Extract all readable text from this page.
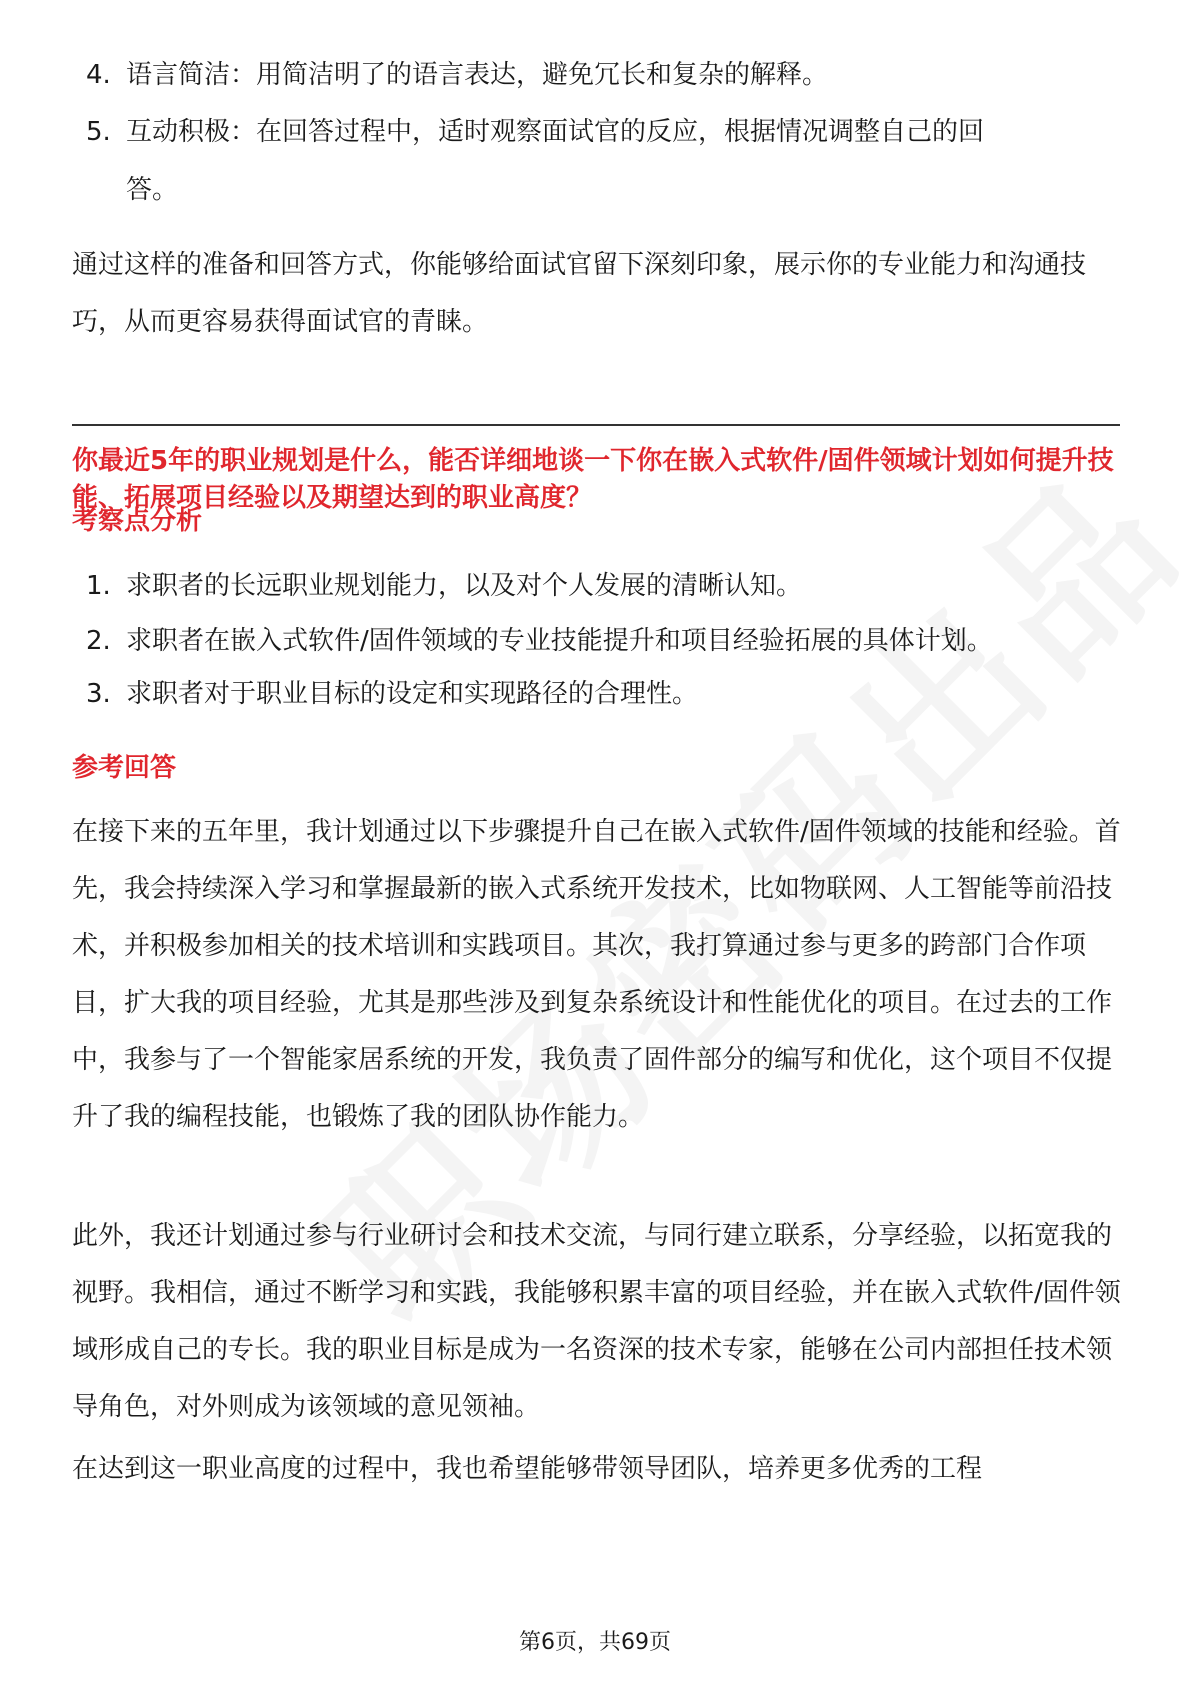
4. 语言简洁：用简洁明了的语言表达，避免冗长和复杂的解释。
5. 互动积极：在回答过程中，适时观察面试官的反应，根据情况调整自己的回答。
通过这样的准备和回答方式，你能够给面试官留下深刻印象，展示你的专业能力和沟通技巧，从而更容易获得面试官的青睐。
你最近5年的职业规划是什么，能否详细地谈一下你在嵌入式软件/固件领域计划如何提升技能、拓展项目经验以及期望达到的职业高度？
考察点分析
1. 求职者的长远职业规划能力，以及对个人发展的清晰认知。
2. 求职者在嵌入式软件/固件领域的专业技能提升和项目经验拓展的具体计划。
3. 求职者对于职业目标的设定和实现路径的合理性。
参考回答
在接下来的五年里，我计划通过以下步骤提升自己在嵌入式软件/固件领域的技能和经验。首先，我会持续深入学习和掌握最新的嵌入式系统开发技术，比如物联网、人工智能等前沿技术，并积极参加相关的技术培训和实践项目。其次，我打算通过参与更多的跨部门合作项目，扩大我的项目经验，尤其是那些涉及到复杂系统设计和性能优化的项目。在过去的工作中，我参与了一个智能家居系统的开发，我负责了固件部分的编写和优化，这个项目不仅提升了我的编程技能，也锻炼了我的团队协作能力。
此外，我还计划通过参与行业研讨会和技术交流，与同行建立联系，分享经验，以拓宽我的视野。我相信，通过不断学习和实践，我能够积累丰富的项目经验，并在嵌入式软件/固件领域形成自己的专长。我的职业目标是成为一名资深的技术专家，能够在公司内部担任技术领导角色，对外则成为该领域的意见领袖。
在达到这一职业高度的过程中，我也希望能够带领导团队，培养更多优秀的工程
第6页，共69页
